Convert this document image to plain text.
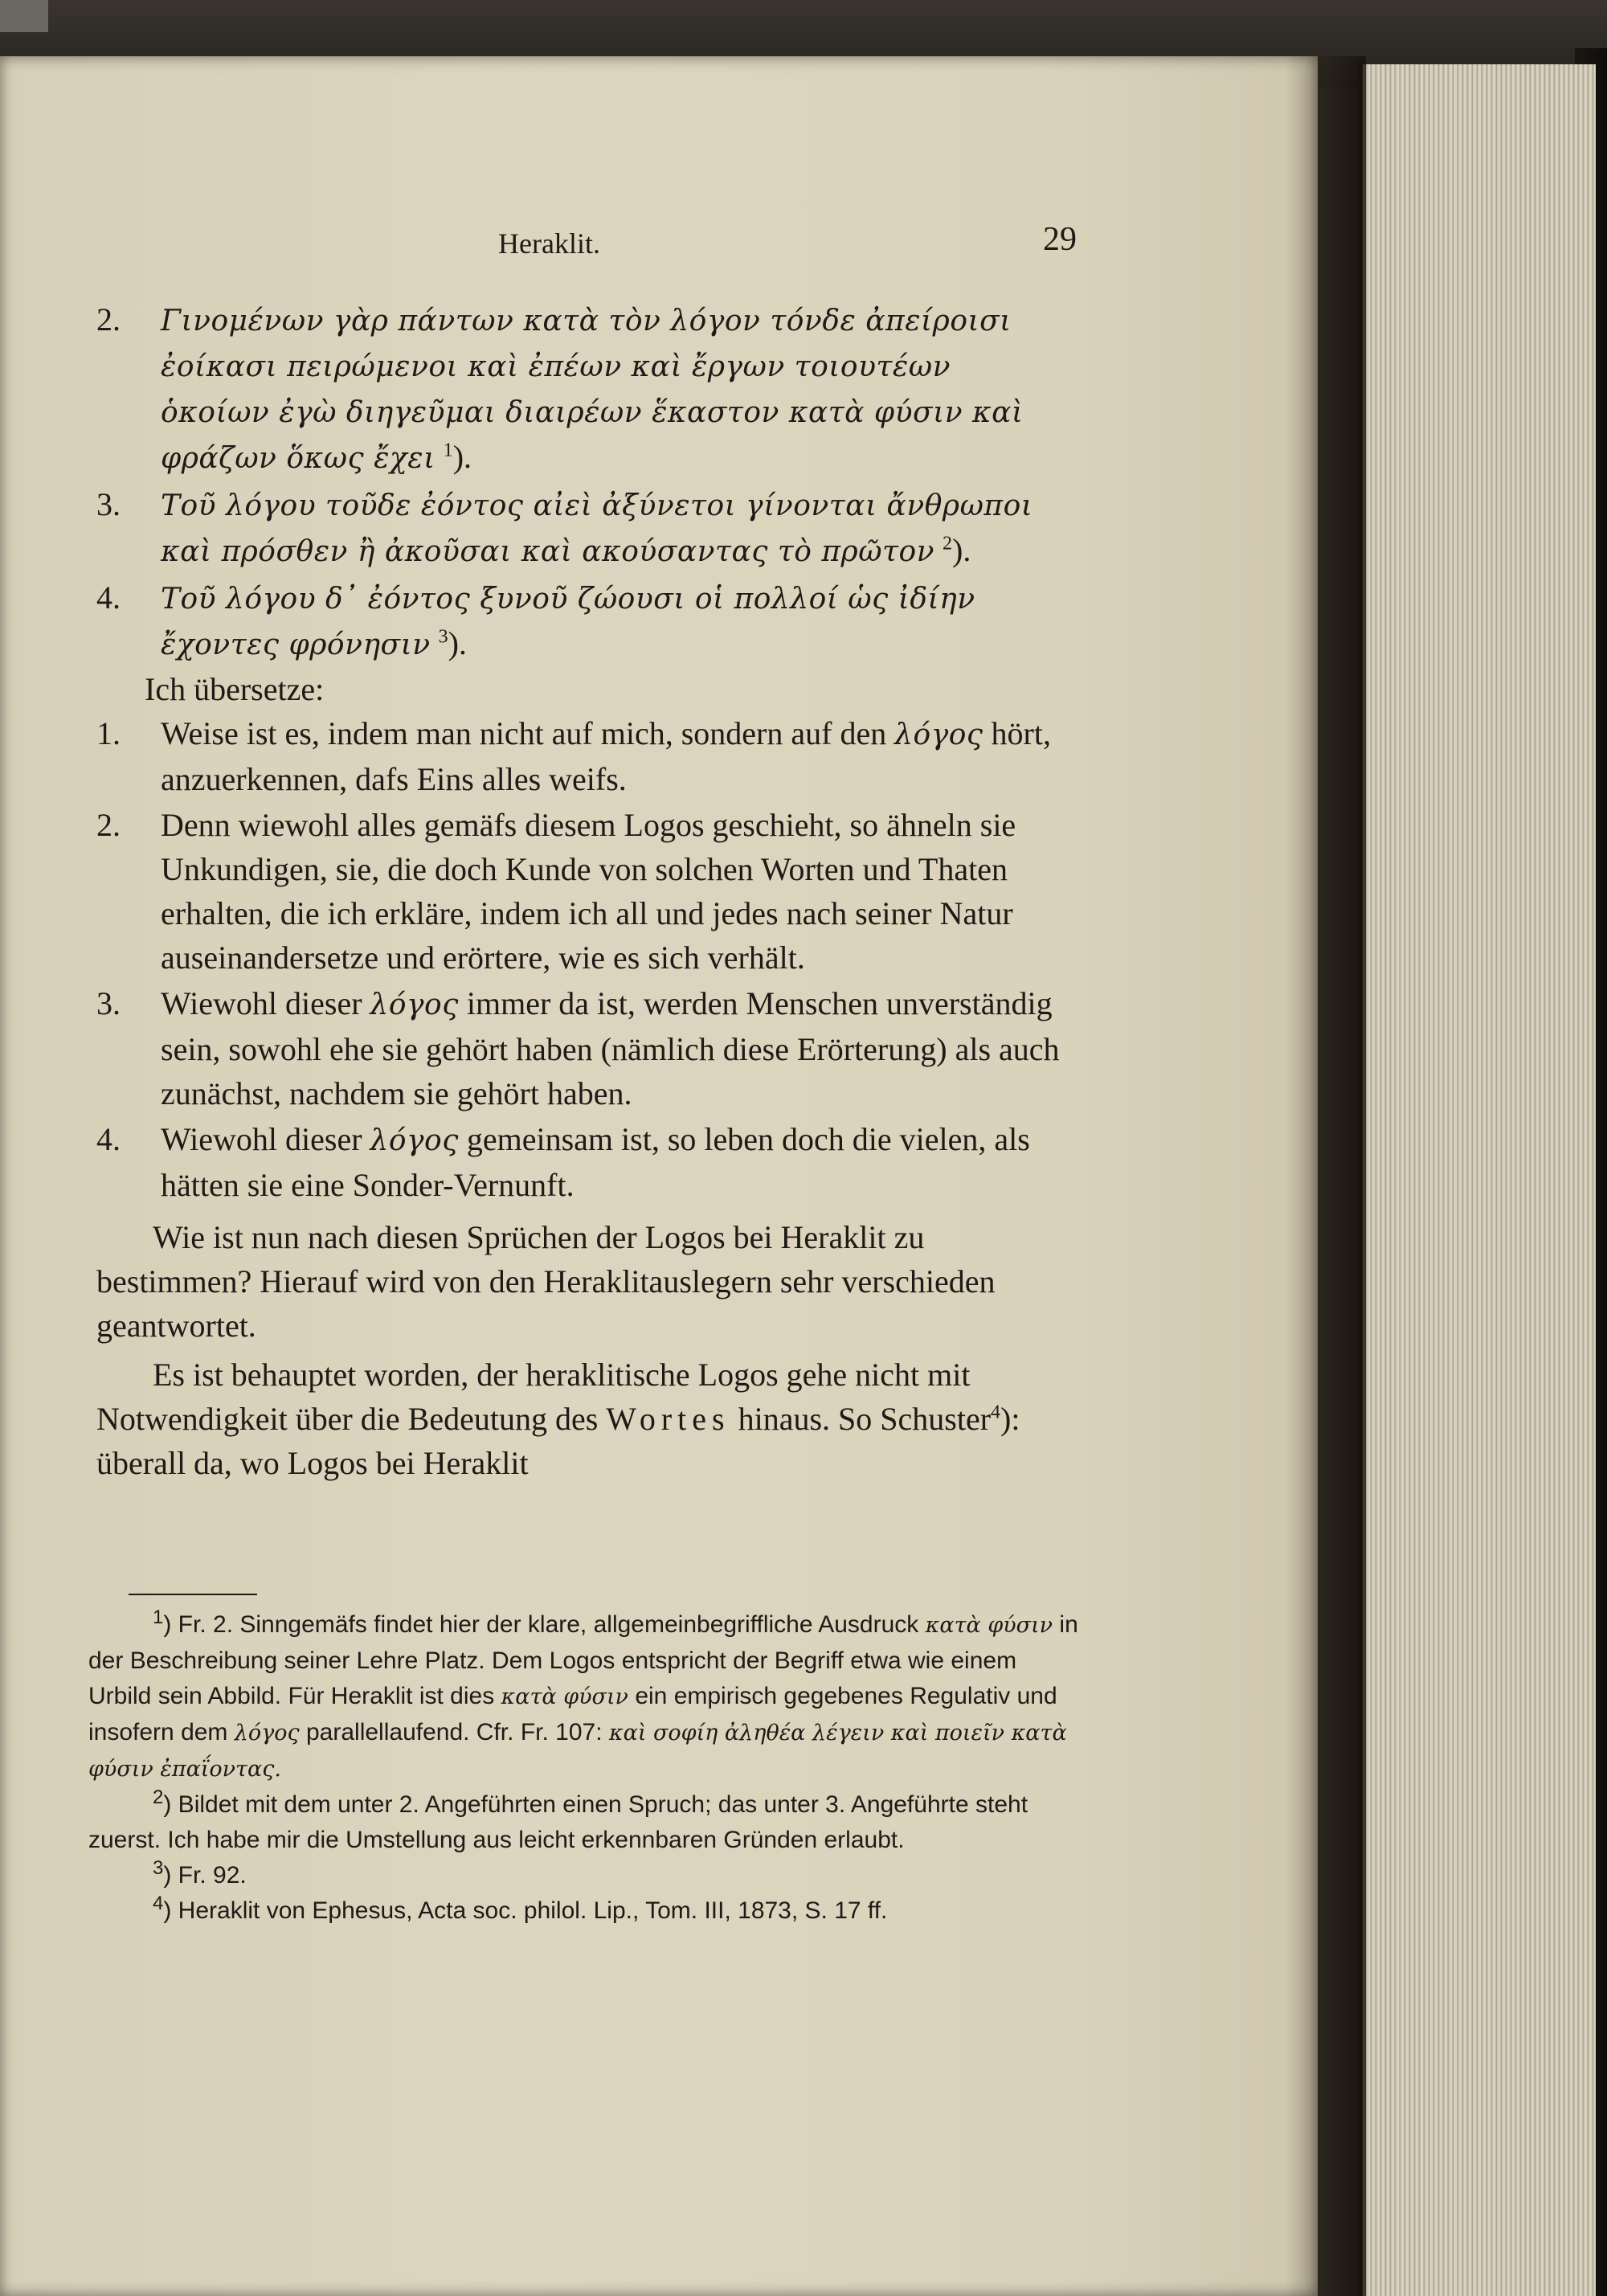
Heraklit.	29
2.	Γινομένων γὰρ πάντων κατὰ τὸν λόγον τόνδε ἀπείροισι
ἐοίκασι πειρώμενοι καὶ ἐπέων καὶ ἔργων τοιουτέων
ὁκοίων ἐγὼ διηγεῦμαι διαιρέων ἕκαστον κατὰ φύσιν καὶ
φράζων ὅκως ἔχει $^1$).
3.	Τοῦ λόγου τοῦδε ἐόντος αἰεὶ ἀξύνετοι γίνονται ἄνθρωποι
καὶ πρόσθεν ἢ ἀκοῦσαι καὶ ακούσαντας τὸ πρῶτον $^2$).
4.	Τοῦ λόγου δ᾽ ἐόντος ξυνοῦ ζώουσι οἱ πολλοί ὡς ἰδίην
ἔχοντες φρόνησιν $^3$).

Ich übersetze:

1.	Weise ist es, indem man nicht auf mich, sondern auf den λόγος hört, anzuerkennen, dafs Eins alles weifs.
2.	Denn wiewohl alles gemäfs diesem Logos geschieht, so ähneln sie Unkundigen, sie, die doch Kunde von solchen Worten und Thaten erhalten, die ich erkläre, indem ich all und jedes nach seiner Natur auseinandersetze und erörtere, wie es sich verhält.
3.	Wiewohl dieser λόγος immer da ist, werden Menschen unverständig sein, sowohl ehe sie gehört haben (nämlich diese Erörterung) als auch zunächst, nachdem sie gehört haben.
4.	Wiewohl dieser λόγος gemeinsam ist, so leben doch die vielen, als hätten sie eine Sonder-Vernunft.

Wie ist nun nach diesen Sprüchen der Logos bei Heraklit zu bestimmen? Hierauf wird von den Heraklitauslegern sehr verschieden geantwortet.

Es ist behauptet worden, der heraklitische Logos gehe nicht mit Notwendigkeit über die Bedeutung des Wortes hinaus. So Schuster$^4$): überall da, wo Logos bei Heraklit

$^1$) Fr. 2. Sinngemäfs findet hier der klare, allgemeinbegriffliche Ausdruck κατὰ φύσιν in der Beschreibung seiner Lehre Platz. Dem Logos entspricht der Begriff etwa wie einem Urbild sein Abbild. Für Heraklit ist dies κατὰ φύσιν ein empirisch gegebenes Regulativ und insofern dem λόγος parallellaufend. Cfr. Fr. 107: καὶ σοφίη ἀληθέα λέγειν καὶ ποιεῖν κατὰ φύσιν ἐπαΐοντας.

$^2$) Bildet mit dem unter 2. Angeführten einen Spruch; das unter 3. Angeführte steht zuerst. Ich habe mir die Umstellung aus leicht erkennbaren Gründen erlaubt.

$^3$) Fr. 92.

$^4$) Heraklit von Ephesus, Acta soc. philol. Lip., Tom. III, 1873, S. 17 ff.
